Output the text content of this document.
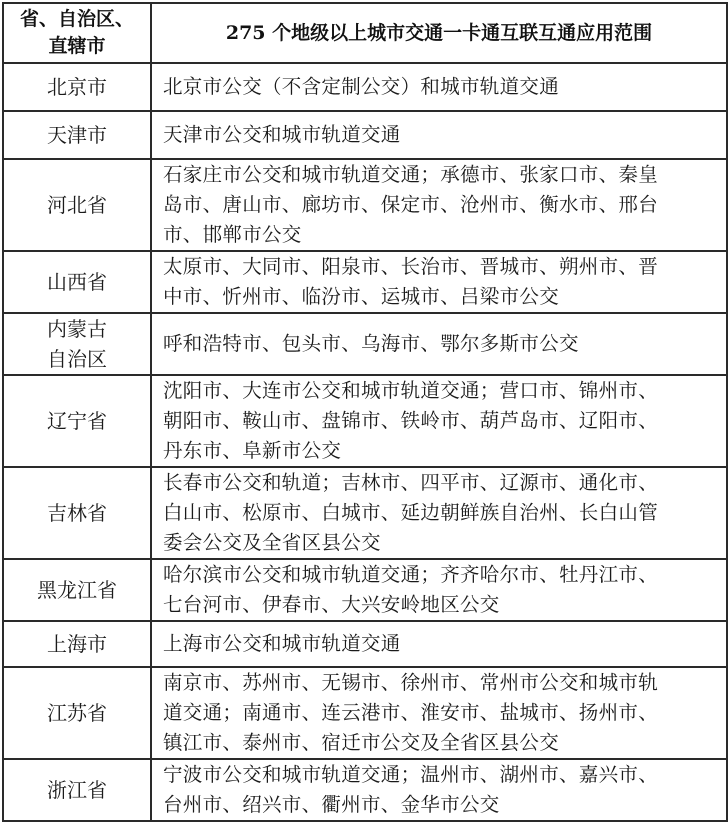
省、自治区、
直辖市	275 个地级以上城市交通一卡通互联互通应用范围

北京市	北京市公交（不含定制公交）和城市轨道交通

天津市	天津市公交和城市轨道交通

河北省	石家庄市公交和城市轨道交通；承德市、张家口市、秦皇
岛市、唐山市、廊坊市、保定市、沧州市、衡水市、邢台
市、邯郸市公交

山西省	太原市、大同市、阳泉市、长治市、晋城市、朔州市、晋
中市、忻州市、临汾市、运城市、吕梁市公交

内蒙古
自治区	呼和浩特市、包头市、乌海市、鄂尔多斯市公交

辽宁省	沈阳市、大连市公交和城市轨道交通；营口市、锦州市、
朝阳市、鞍山市、盘锦市、铁岭市、葫芦岛市、辽阳市、
丹东市、阜新市公交

吉林省	长春市公交和轨道；吉林市、四平市、辽源市、通化市、
白山市、松原市、白城市、延边朝鲜族自治州、长白山管
委会公交及全省区县公交

黑龙江省	哈尔滨市公交和城市轨道交通；齐齐哈尔市、牡丹江市、
七台河市、伊春市、大兴安岭地区公交

上海市	上海市公交和城市轨道交通

江苏省	南京市、苏州市、无锡市、徐州市、常州市公交和城市轨
道交通；南通市、连云港市、淮安市、盐城市、扬州市、
镇江市、泰州市、宿迁市公交及全省区县公交

浙江省	宁波市公交和城市轨道交通；温州市、湖州市、嘉兴市、
台州市、绍兴市、衢州市、金华市公交
